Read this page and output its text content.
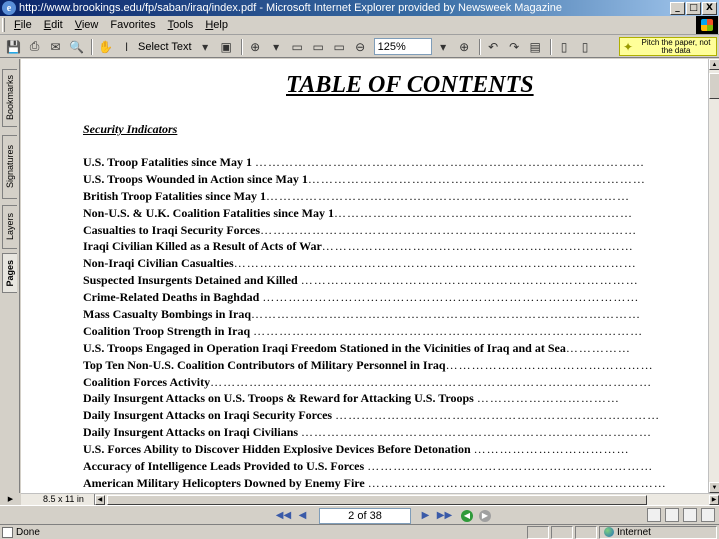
e http://www.brookings.edu/fp/saban/iraq/index.pdf - Microsoft Internet Explorer provided by Newsweek Magazine	_	□ X
File	Edit	View	Favorites	Tools	Help
💾 ⎙ ✉ 🔍 ✋ I Select Text ▾	▣	⊕	▾	▭ ▭ ▭ ⊖	125%	▾	⊕	↶ ↷ ▤	▯	▯	✦	Pitch the paper, not the data
Bookmarks
Signatures
Layers
Pages
TABLE OF CONTENTS
Security Indicators
U.S. Troop Fatalities since May 1 ………………………………………………………………………………
U.S. Troops Wounded in Action since May 1……………………………………………………………………
British Troop Fatalities since May 1…………………………………………………………………………
Non-U.S. & U.K. Coalition Fatalities since May 1……………………………………………………………
Casualties to Iraqi Security Forces……………………………………………………………………………
Iraqi Civilian Killed as a Result of Acts of War………………………………………………………………
Non-Iraqi Civilian Casualties…………………………………………………………………………………
Suspected Insurgents Detained and Killed ……………………………………………………………………
Crime-Related Deaths in Baghdad ……………………………………………………………………………
Mass Casualty Bombings in Iraq………………………………………………………………………………
Coalition Troop Strength in Iraq ………………………………………………………………………………
U.S. Troops Engaged in Operation Iraqi Freedom Stationed in the Vicinities of Iraq and at Sea……………
Top Ten Non-U.S. Coalition Contributors of Military Personnel in Iraq…………………………………………
Coalition Forces Activity…………………………………………………………………………………………
Daily Insurgent Attacks on U.S. Troops & Reward for Attacking U.S. Troops ……………………………
Daily Insurgent Attacks on Iraqi Security Forces …………………………………………………………………
Daily Insurgent Attacks on Iraqi Civilians ………………………………………………………………………
U.S. Forces Ability to Discover Hidden Explosive Devices Before Detonation ………………………………
Accuracy of Intelligence Leads Provided to U.S. Forces …………………………………………………………
American Military Helicopters Downed by Enemy Fire ……………………………………………………………
▲
▼
▶	8.5 x 11 in	◀	▶
◀◀ ◀	2 of 38	▶ ▶▶	◀	▶
Done	Internet
